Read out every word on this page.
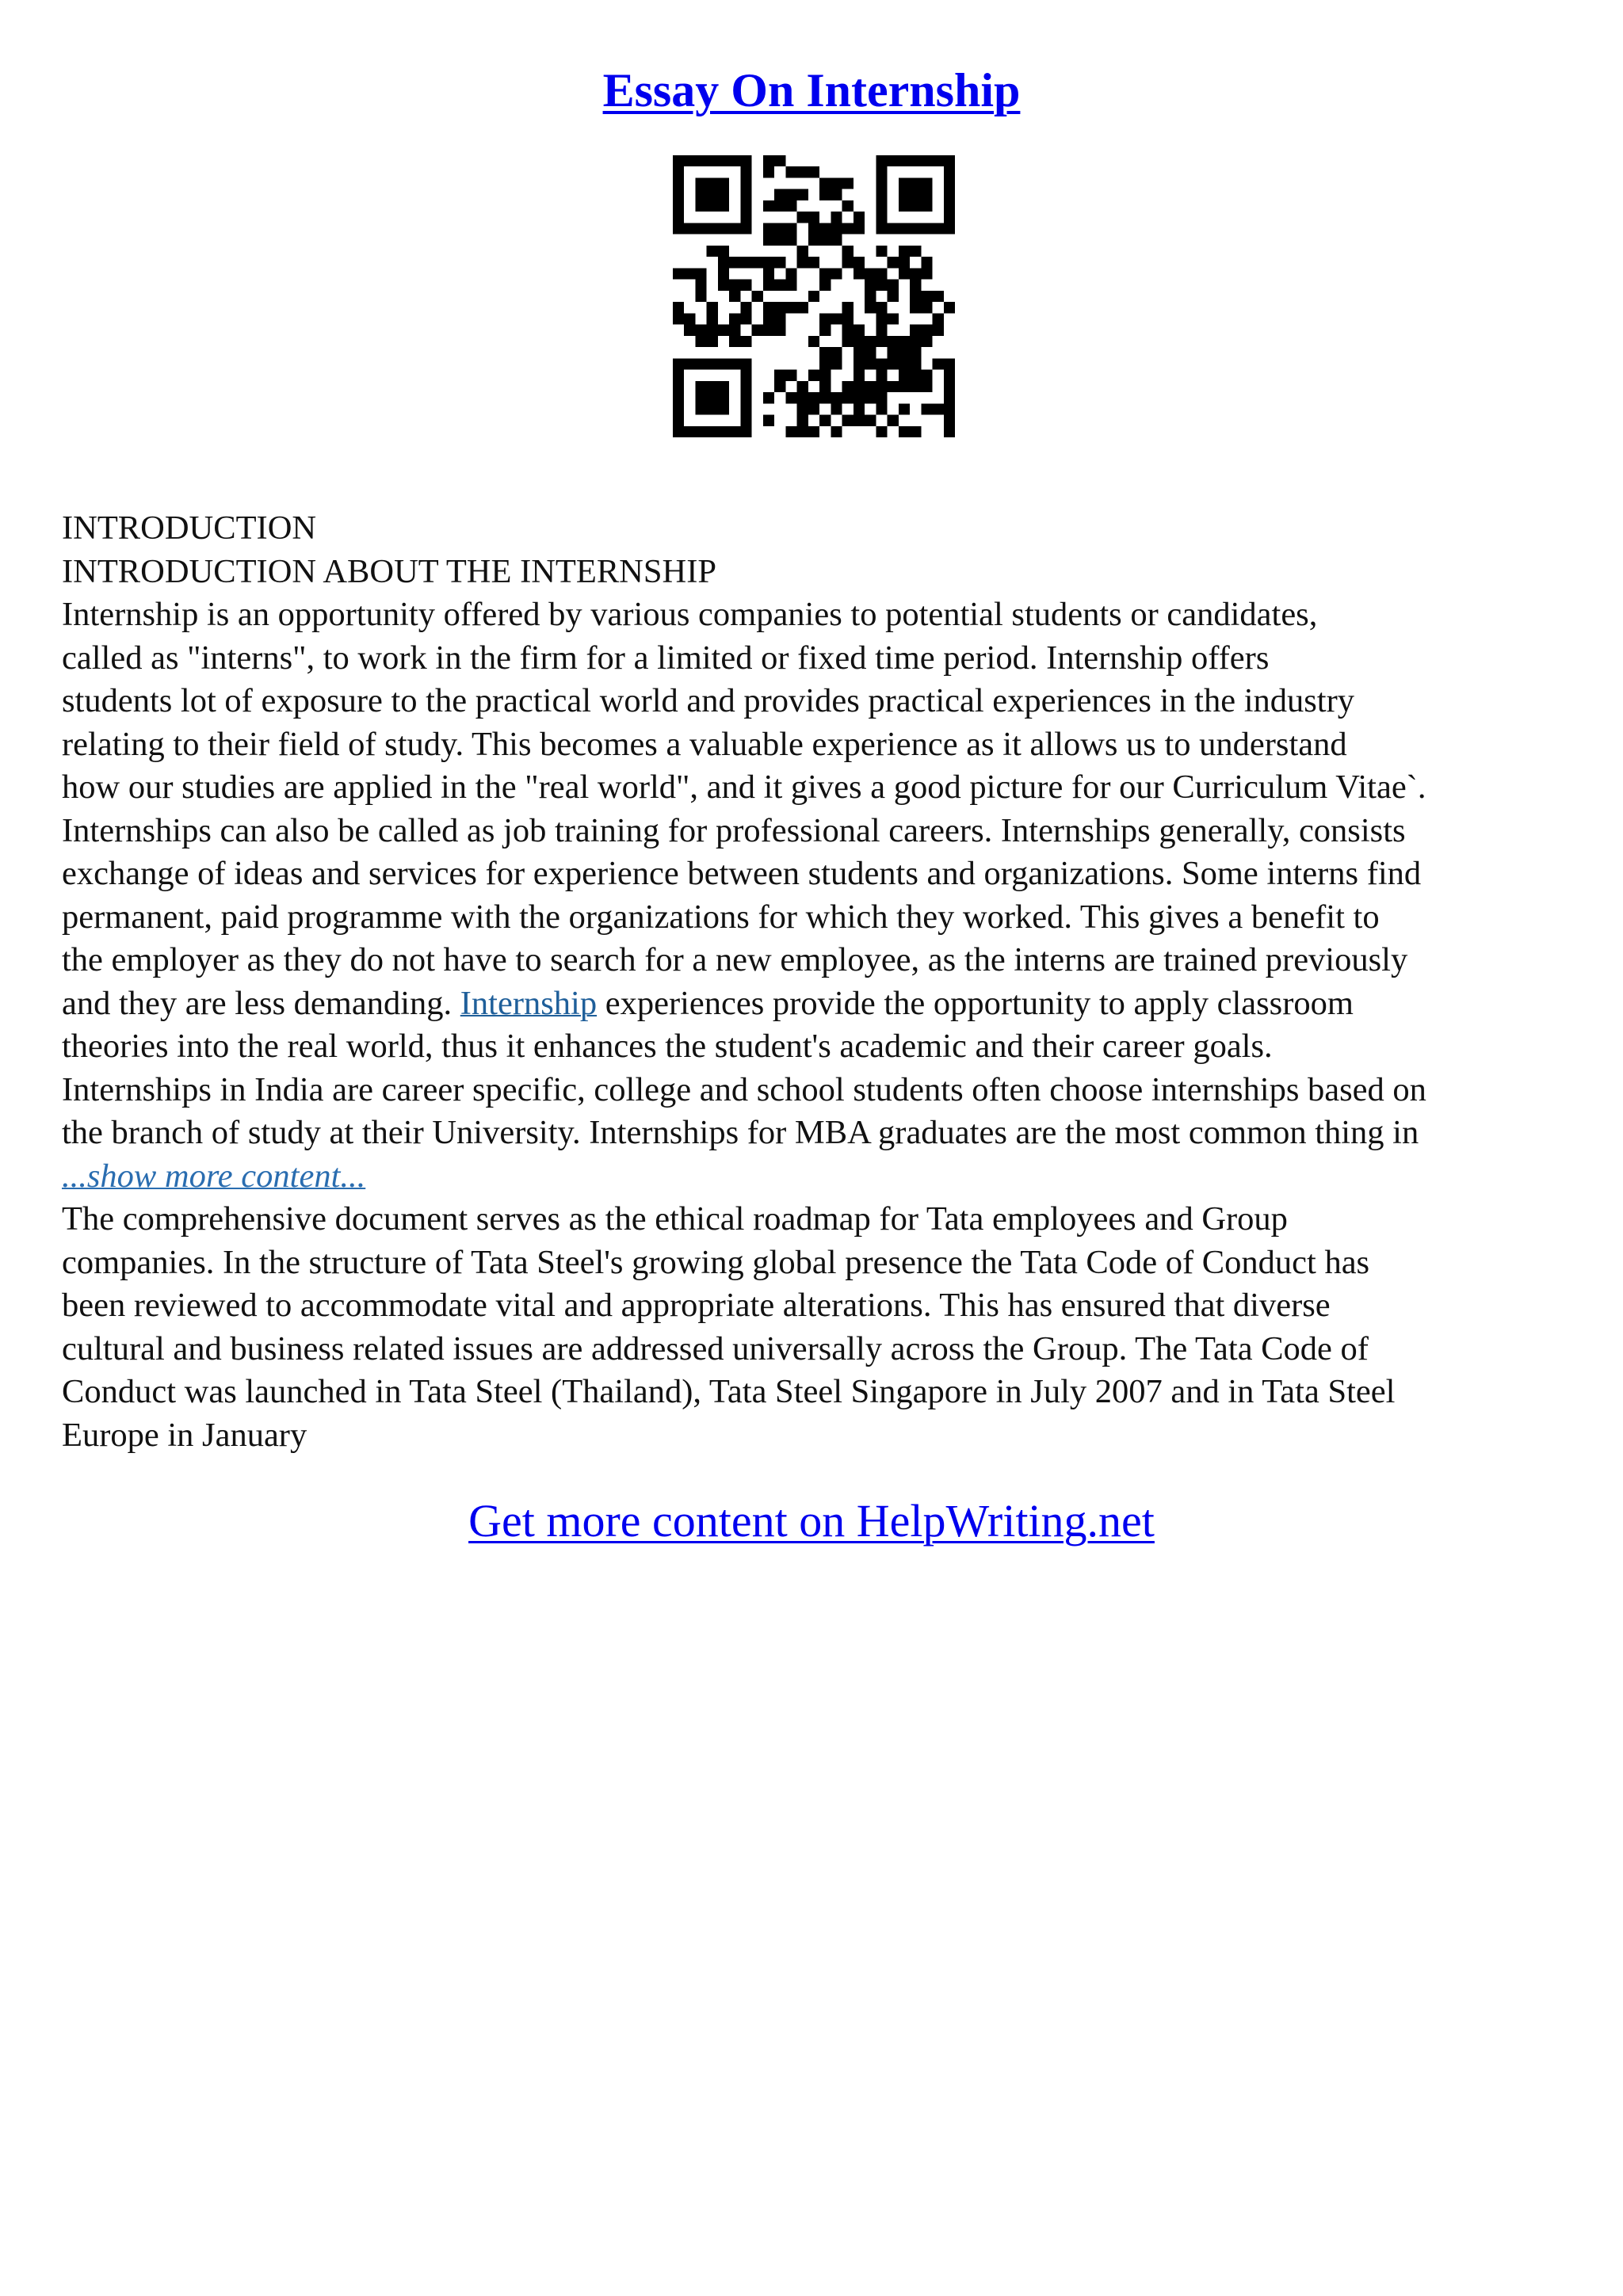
Essay On Internship
INTRODUCTION
INTRODUCTION ABOUT THE INTERNSHIP
Internship is an opportunity offered by various companies to potential students or candidates,
called as "interns", to work in the firm for a limited or fixed time period. Internship offers
students lot of exposure to the practical world and provides practical experiences in the industry
relating to their field of study. This becomes a valuable experience as it allows us to understand
how our studies are applied in the "real world", and it gives a good picture for our Curriculum Vitae`.
Internships can also be called as job training for professional careers. Internships generally, consists
exchange of ideas and services for experience between students and organizations. Some interns find
permanent, paid programme with the organizations for which they worked. This gives a benefit to
the employer as they do not have to search for a new employee, as the interns are trained previously
and they are less demanding. Internship experiences provide the opportunity to apply classroom
theories into the real world, thus it enhances the student's academic and their career goals.
Internships in India are career specific, college and school students often choose internships based on
the branch of study at their University. Internships for MBA graduates are the most common thing in
...show more content...
The comprehensive document serves as the ethical roadmap for Tata employees and Group
companies. In the structure of Tata Steel's growing global presence the Tata Code of Conduct has
been reviewed to accommodate vital and appropriate alterations. This has ensured that diverse
cultural and business related issues are addressed universally across the Group. The Tata Code of
Conduct was launched in Tata Steel (Thailand), Tata Steel Singapore in July 2007 and in Tata Steel
Europe in January
Get more content on HelpWriting.net
